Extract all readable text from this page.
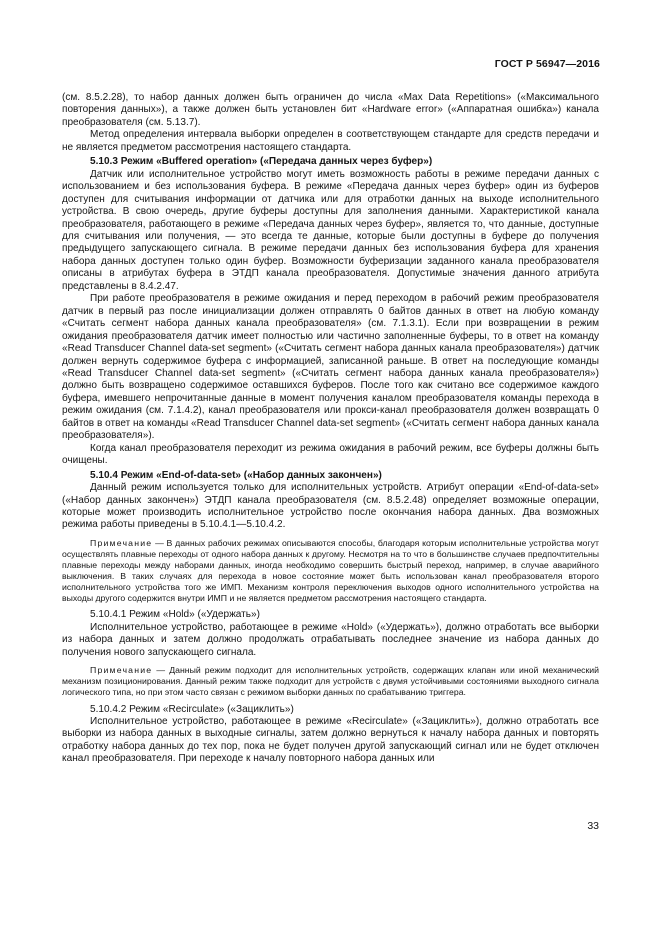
ГОСТ Р 56947—2016

(см. 8.5.2.28), то набор данных должен быть ограничен до числа «Max Data Repetitions» («Максимального повторения данных»), а также должен быть установлен бит «Hardware error» («Аппаратная ошибка») канала преобразователя (см. 5.13.7).

Метод определения интервала выборки определен в соответствующем стандарте для средств передачи и не является предметом рассмотрения настоящего стандарта.

5.10.3 Режим «Buffered operation» («Передача данных через буфер»)

Датчик или исполнительное устройство могут иметь возможность работы в режиме передачи данных с использованием и без использования буфера. В режиме «Передача данных через буфер» один из буферов доступен для считывания информации от датчика или для отработки данных на выходе исполнительного устройства. В свою очередь, другие буферы доступны для заполнения данными. Характеристикой канала преобразователя, работающего в режиме «Передача данных через буфер», является то, что данные, доступные для считывания или получения, — это всегда те данные, которые были доступны в буфере до получения предыдущего запускающего сигнала. В режиме передачи данных без использования буфера для хранения набора данных доступен только один буфер. Возможности буферизации заданного канала преобразователя описаны в атрибутах буфера в ЭТДП канала преобразователя. Допустимые значения данного атрибута представлены в 8.4.2.47.

При работе преобразователя в режиме ожидания и перед переходом в рабочий режим преобразователя датчик в первый раз после инициализации должен отправлять 0 байтов данных в ответ на любую команду «Считать сегмент набора данных канала преобразователя» (см. 7.1.3.1). Если при возвращении в режим ожидания преобразователя датчик имеет полностью или частично заполненные буферы, то в ответ на команду «Read Transducer Channel data-set segment» («Считать сегмент набора данных канала преобразователя») датчик должен вернуть содержимое буфера с информацией, записанной раньше. В ответ на последующие команды «Read Transducer Channel data-set segment» («Считать сегмент набора данных канала преобразователя») должно быть возвращено содержимое оставшихся буферов. После того как считано все содержимое каждого буфера, имевшего непрочитанные данные в момент получения каналом преобразователя команды перехода в режим ожидания (см. 7.1.4.2), канал преобразователя или прокси-канал преобразователя должен возвращать 0 байтов в ответ на команды «Read Transducer Channel data-set segment» («Считать сегмент набора данных канала преобразователя»).

Когда канал преобразователя переходит из режима ожидания в рабочий режим, все буферы должны быть очищены.

5.10.4 Режим «End-of-data-set» («Набор данных закончен»)

Данный режим используется только для исполнительных устройств. Атрибут операции «End-of-data-set» («Набор данных закончен») ЭТДП канала преобразователя (см. 8.5.2.48) определяет возможные операции, которые может производить исполнительное устройство после окончания набора данных. Два возможных режима работы приведены в 5.10.4.1—5.10.4.2.

Примечание — В данных рабочих режимах описываются способы, благодаря которым исполнительные устройства могут осуществлять плавные переходы от одного набора данных к другому. Несмотря на то что в большинстве случаев предпочтительны плавные переходы между наборами данных, иногда необходимо совершить быстрый переход, например, в случае аварийного выключения. В таких случаях для перехода в новое состояние может быть использован канал преобразователя второго исполнительного устройства того же ИМП. Механизм контроля переключения выходов одного исполнительного устройства на выходы другого содержится внутри ИМП и не является предметом рассмотрения настоящего стандарта.

5.10.4.1 Режим «Hold» («Удержать»)

Исполнительное устройство, работающее в режиме «Hold» («Удержать»), должно отработать все выборки из набора данных и затем должно продолжать отрабатывать последнее значение из набора данных до получения нового запускающего сигнала.

Примечание — Данный режим подходит для исполнительных устройств, содержащих клапан или иной механический механизм позиционирования. Данный режим также подходит для устройств с двумя устойчивыми состояниями выходного сигнала логического типа, но при этом часто связан с режимом выборки данных по срабатыванию триггера.

5.10.4.2 Режим «Recirculate» («Зациклить»)

Исполнительное устройство, работающее в режиме «Recirculate» («Зациклить»), должно отработать все выборки из набора данных в выходные сигналы, затем должно вернуться к началу набора данных и повторять отработку набора данных до тех пор, пока не будет получен другой запускающий сигнал или не будет отключен канал преобразователя. При переходе к началу повторного набора данных или

33
